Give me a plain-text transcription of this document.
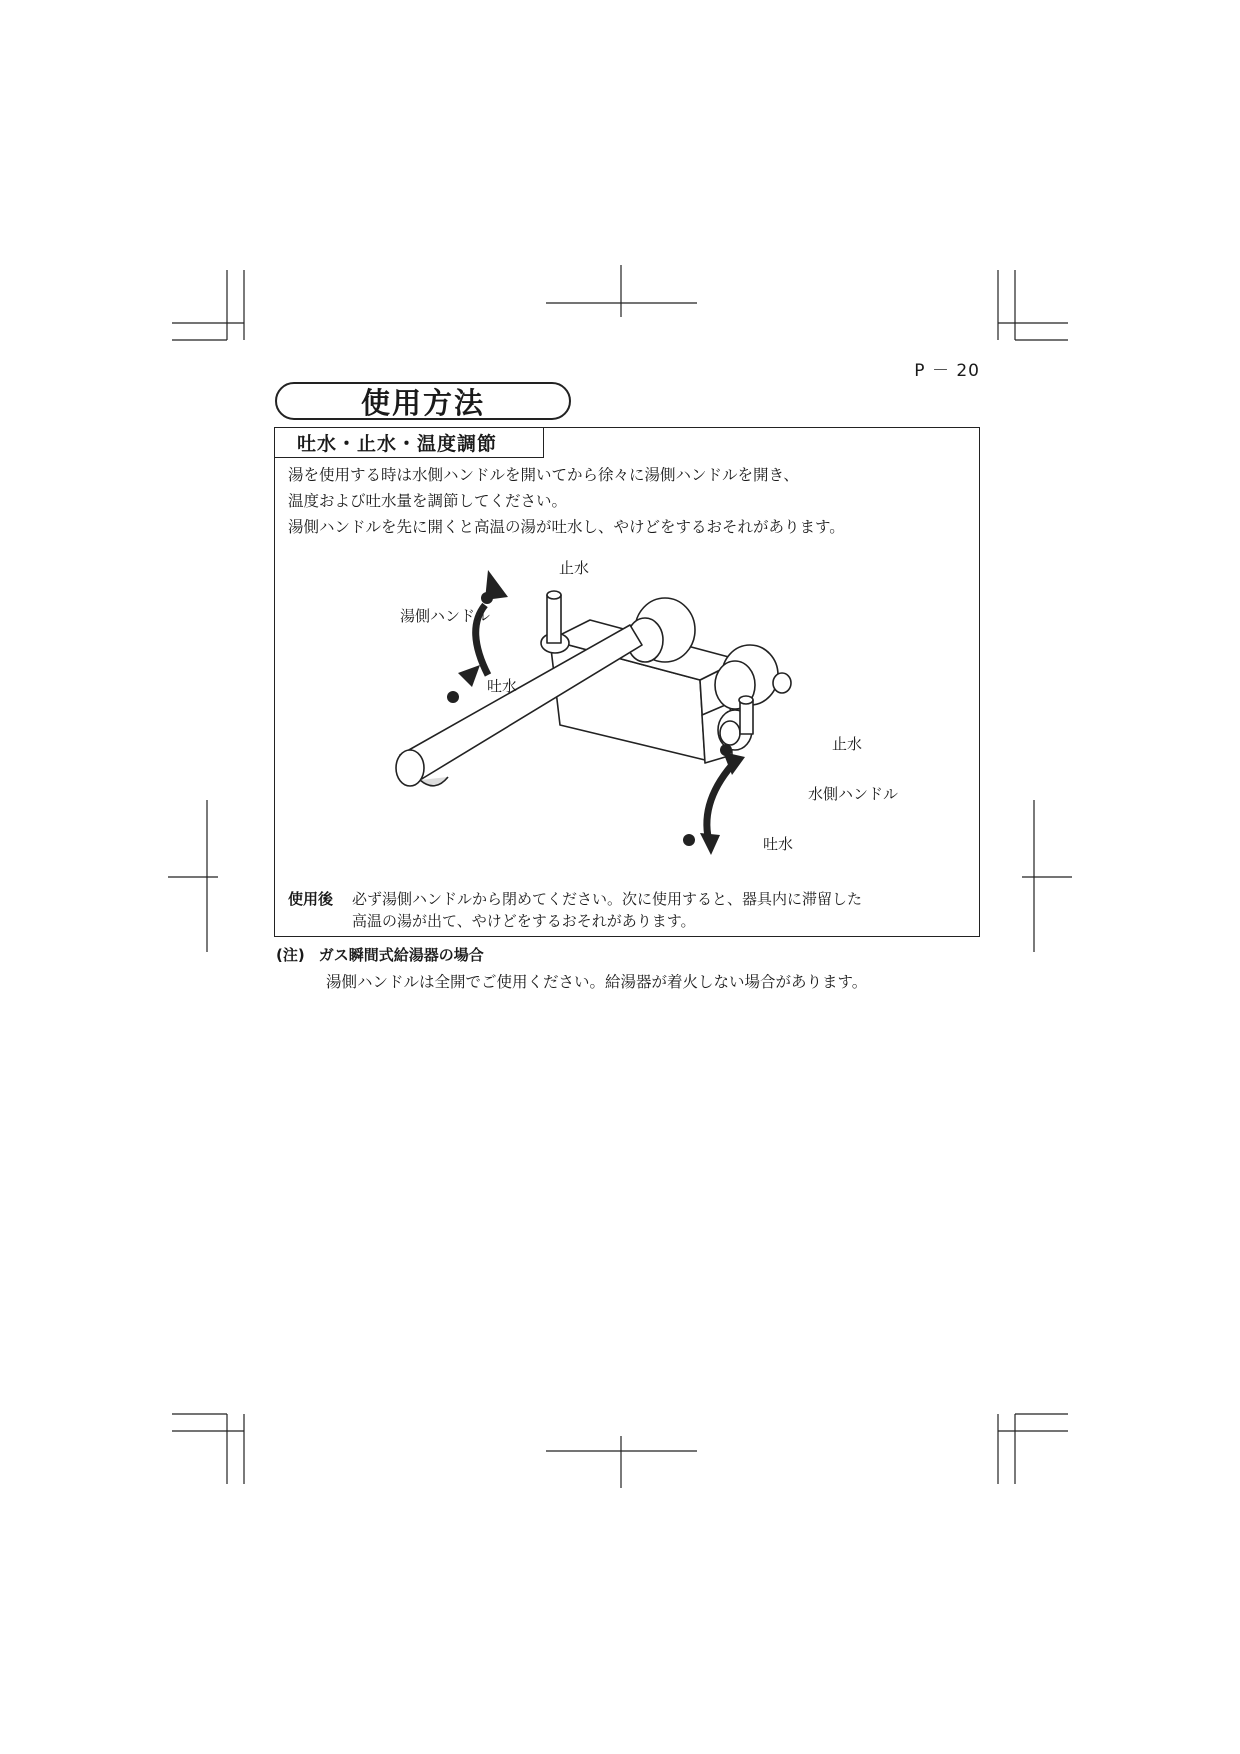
P － 20
使用方法
吐水・止水・温度調節

湯を使用する時は水側ハンドルを開いてから徐々に湯側ハンドルを開き、

温度および吐水量を調節してください。

湯側ハンドルを先に開くと高温の湯が吐水し、やけどをするおそれがあります。

止水
湯側ハンドル
吐水
止水
水側ハンドル
吐水
使用後 必ず湯側ハンドルから閉めてください。次に使用すると、器具内に滞留した

高温の湯が出て、やけどをするおそれがあります。

(注) ガス瞬間式給湯器の場合
湯側ハンドルは全開でご使用ください。給湯器が着火しない場合があります。
